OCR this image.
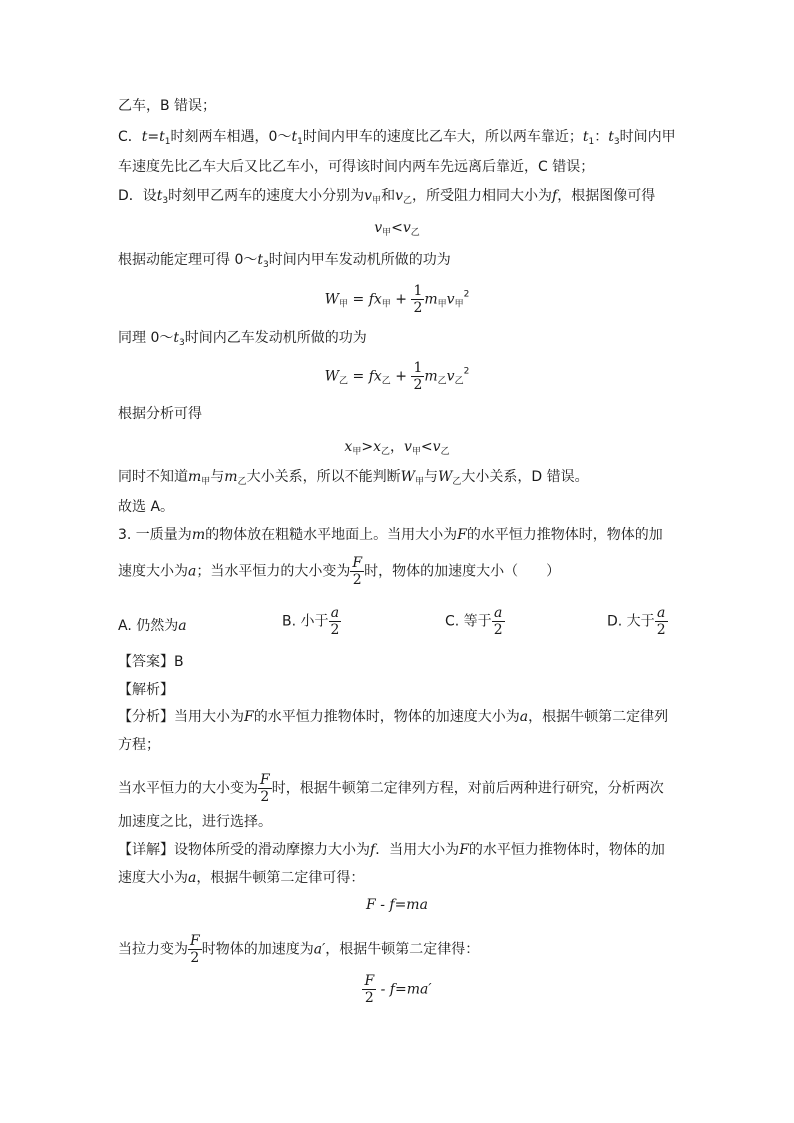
乙车，B 错误；
C．$t=t_1$时刻两车相遇，$0\sim t_1$时间内甲车的速度比乙车大，所以两车靠近；$t_1$：$t_3$时间内甲
车速度先比乙车大后又比乙车小，可得该时间内两车先远离后靠近，C 错误；
D．设$t_3$时刻甲乙两车的速度大小分别为$v_甲$和$v_乙$，所受阻力相同大小为f，根据图像可得
$v_甲<v_乙$
根据动能定理可得 $0\sim t_3$时间内甲车发动机所做的功为
$W_甲 = fx_甲 + \frac{1}{2} m_甲v_甲^2$
同理 $0\sim t_3$时间内乙车发动机所做的功为
$W_乙 = fx_乙 + \frac{1}{2} m_乙v_乙^2$
根据分析可得
$x_甲>x_乙$，$v_甲<v_乙$
同时不知道$m_甲$与$m_乙$大小关系，所以不能判断$W_甲$与$W_乙$大小关系，D 错误。
故选 A。
3. 一质量为m的物体放在粗糙水平地面上。当用大小为F的水平恒力推物体时，物体的加
速度大小为a；当水平恒力的大小变为 $\frac{F}{2}$ 时，物体的加速度大小（　　）
A. 仍然为a	B. 小于 $\frac{a}{2}$	C. 等于 $\frac{a}{2}$	D. 大于 $\frac{a}{2}$
【答案】B
【解析】
【分析】当用大小为F的水平恒力推物体时，物体的加速度大小为a，根据牛顿第二定律列
方程；
当水平恒力的大小变为 $\frac{F}{2}$ 时，根据牛顿第二定律列方程，对前后两种进行研究，分析两次
加速度之比，进行选择。
【详解】设物体所受的滑动摩擦力大小为f．当用大小为F的水平恒力推物体时，物体的加
速度大小为a，根据牛顿第二定律可得：
F - f=ma
当拉力变为 $\frac{F}{2}$ 时物体的加速度为a′，根据牛顿第二定律得：
$\frac{F}{2} - f=ma'$
